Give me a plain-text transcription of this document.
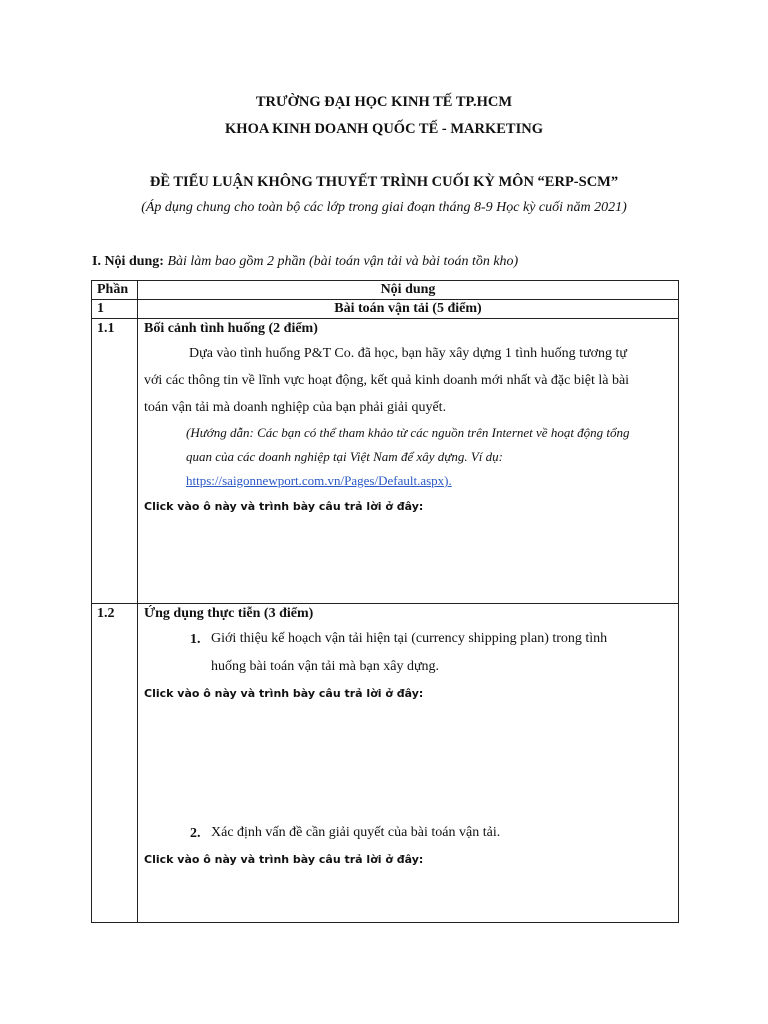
TRƯỜNG ĐẠI HỌC KINH TẾ TP.HCM
KHOA KINH DOANH QUỐC TẾ - MARKETING
ĐỀ TIỂU LUẬN KHÔNG THUYẾT TRÌNH CUỐI KỲ MÔN “ERP-SCM”
(Áp dụng chung cho toàn bộ các lớp trong giai đoạn tháng 8-9 Học kỳ cuối năm 2021)
I. Nội dung: Bài làm bao gồm 2 phần (bài toán vận tải và bài toán tồn kho)
Phần	Nội dung
1	Bài toán vận tải (5 điểm)
1.1 Bối cảnh tình huống (2 điểm)
Dựa vào tình huống P&T Co. đã học, bạn hãy xây dựng 1 tình huống tương tự
với các thông tin về lĩnh vực hoạt động, kết quả kinh doanh mới nhất và đặc biệt là bài
toán vận tải mà doanh nghiệp của bạn phải giải quyết.
(Hướng dẫn: Các bạn có thể tham khảo từ các nguồn trên Internet về hoạt động tổng
quan của các doanh nghiệp tại Việt Nam để xây dựng. Ví dụ:
https://saigonnewport.com.vn/Pages/Default.aspx).
Click vào ô này và trình bày câu trả lời ở đây:
1.2 Ứng dụng thực tiễn (3 điểm)
1. Giới thiệu kế hoạch vận tải hiện tại (currency shipping plan) trong tình
huống bài toán vận tải mà bạn xây dựng.
Click vào ô này và trình bày câu trả lời ở đây:
2. Xác định vấn đề cần giải quyết của bài toán vận tải.
Click vào ô này và trình bày câu trả lời ở đây:
